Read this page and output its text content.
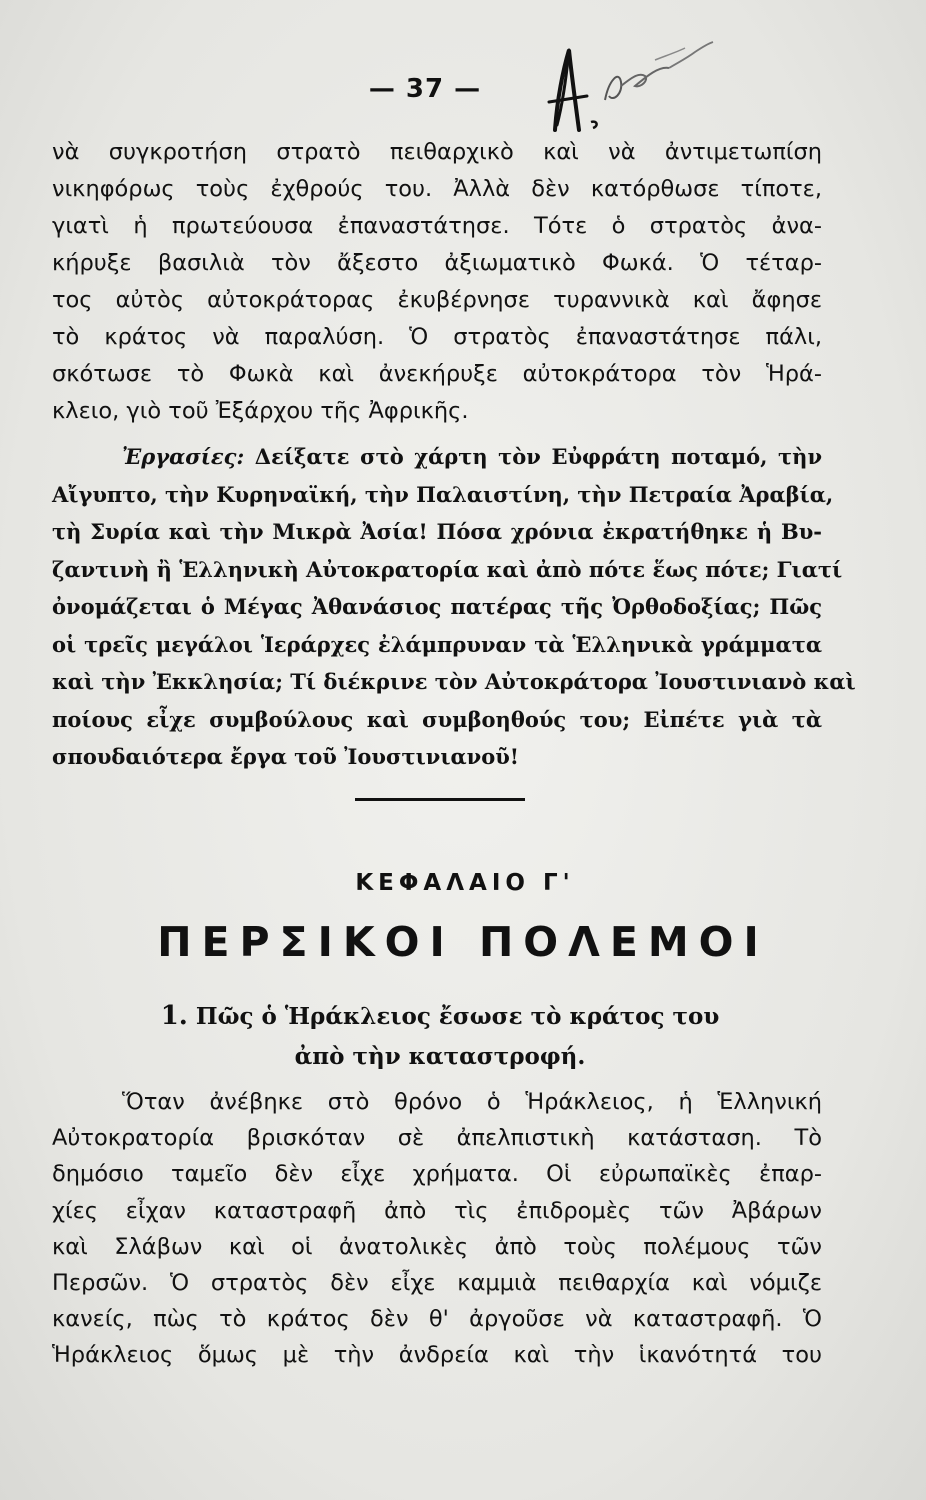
— 37 —
νὰ συγκροτήση στρατὸ πειθαρχικὸ καὶ νὰ ἀντιμετωπίση
νικηφόρως τοὺς ἐχθρούς του. Ἀλλὰ δὲν κατόρθωσε τίποτε,
γιατὶ ἡ πρωτεύουσα ἐπαναστάτησε. Τότε ὁ στρατὸς ἀνα-
κήρυξε βασιλιὰ τὸν ἄξεστο ἀξιωματικὸ Φωκά. Ὁ τέταρ-
τος αὐτὸς αὐτοκράτορας ἐκυβέρνησε τυραννικὰ καὶ ἄφησε
τὸ κράτος νὰ παραλύση. Ὁ στρατὸς ἐπαναστάτησε πάλι,
σκότωσε τὸ Φωκὰ καὶ ἀνεκήρυξε αὐτοκράτορα τὸν Ἡρά-
κλειο, γιὸ τοῦ Ἐξάρχου τῆς Ἀφρικῆς.
Ἐργασίες: Δείξατε στὸ χάρτη τὸν Εὐφράτη ποταμό, τὴν
Αἴγυπτο, τὴν Κυρηναϊκή, τὴν Παλαιστίνη, τὴν Πετραία Ἀραβία,
τὴ Συρία καὶ τὴν Μικρὰ Ἀσία! Πόσα χρόνια ἐκρατήθηκε ἡ Βυ-
ζαντινὴ ἢ Ἑλληνικὴ Αὐτοκρατορία καὶ ἀπὸ πότε ἕως πότε; Γιατί
ὀνομάζεται ὁ Μέγας Ἀθανάσιος πατέρας τῆς Ὀρθοδοξίας; Πῶς
οἱ τρεῖς μεγάλοι Ἱεράρχες ἐλάμπρυναν τὰ Ἑλληνικὰ γράμματα
καὶ τὴν Ἐκκλησία; Τί διέκρινε τὸν Αὐτοκράτορα Ἰουστινιανὸ καὶ
ποίους εἶχε συμβούλους καὶ συμβοηθούς του; Εἰπέτε γιὰ τὰ
σπουδαιότερα ἔργα τοῦ Ἰουστινιανοῦ!
ΚΕΦΑΛΑΙΟ Γ'
ΠΕΡΣΙΚΟΙ ΠΟΛΕΜΟΙ
1. Πῶς ὁ Ἡράκλειος ἔσωσε τὸ κράτος του
ἀπὸ τὴν καταστροφή.
Ὅταν ἀνέβηκε στὸ θρόνο ὁ Ἡράκλειος, ἡ Ἑλληνική
Αὐτοκρατορία βρισκόταν σὲ ἀπελπιστικὴ κατάσταση. Τὸ
δημόσιο ταμεῖο δὲν εἶχε χρήματα. Οἱ εὐρωπαϊκὲς ἐπαρ-
χίες εἶχαν καταστραφῆ ἀπὸ τὶς ἐπιδρομὲς τῶν Ἀβάρων
καὶ Σλάβων καὶ οἱ ἀνατολικὲς ἀπὸ τοὺς πολέμους τῶν
Περσῶν. Ὁ στρατὸς δὲν εἶχε καμμιὰ πειθαρχία καὶ νόμιζε
κανείς, πὼς τὸ κράτος δὲν θ' ἀργοῦσε νὰ καταστραφῆ. Ὁ
Ἡράκλειος ὅμως μὲ τὴν ἀνδρεία καὶ τὴν ἱκανότητά του
